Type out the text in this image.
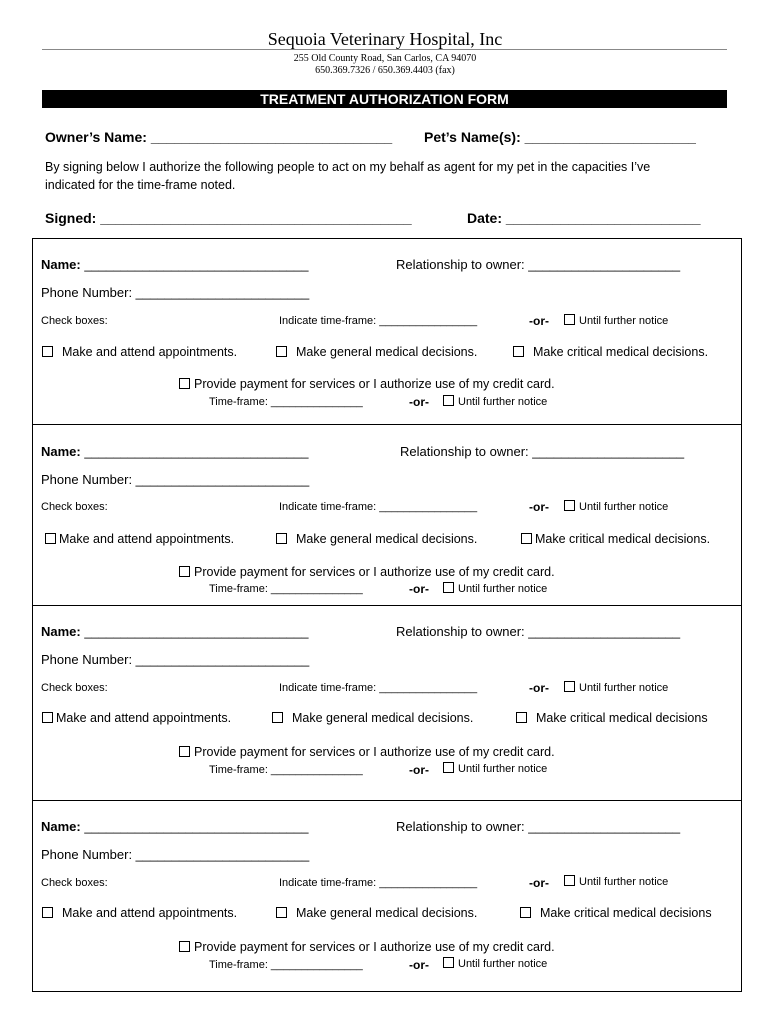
Sequoia Veterinary Hospital, Inc
255 Old County Road, San Carlos, CA 94070
650.369.7326 / 650.369.4403 (fax)
TREATMENT AUTHORIZATION FORM
Owner’s Name: _______________________________ Pet’s Name(s): ______________________
By signing below I authorize the following people to act on my behalf as agent for my pet in the capacities I’ve
indicated for the time-frame noted.
Signed: ________________________________________	Date: _________________________
Name: _______________________________	Relationship to owner: _____________________
Phone Number: ________________________
Check boxes:	Indicate time-frame: ________________	-or-	Until further notice
Make and attend appointments.	Make general medical decisions.	Make critical medical decisions.
Provide payment for services or I authorize use of my credit card.
Time-frame: _______________	-or-	Until further notice
Name: _______________________________	Relationship to owner: _____________________
Phone Number: ________________________
Check boxes:	Indicate time-frame: ________________	-or-	Until further notice
Make and attend appointments.	Make general medical decisions.	Make critical medical decisions.
Provide payment for services or I authorize use of my credit card.
Time-frame: _______________	-or-	Until further notice
Name: _______________________________	Relationship to owner: _____________________
Phone Number: ________________________
Check boxes:	Indicate time-frame: ________________	-or-	Until further notice
Make and attend appointments.	Make general medical decisions.	Make critical medical decisions
Provide payment for services or I authorize use of my credit card.
Time-frame: _______________	-or-	Until further notice
Name: _______________________________	Relationship to owner: _____________________
Phone Number: ________________________
Check boxes:	Indicate time-frame: ________________	-or-	Until further notice
Make and attend appointments.	Make general medical decisions.	Make critical medical decisions
Provide payment for services or I authorize use of my credit card.
Time-frame: _______________	-or-	Until further notice
